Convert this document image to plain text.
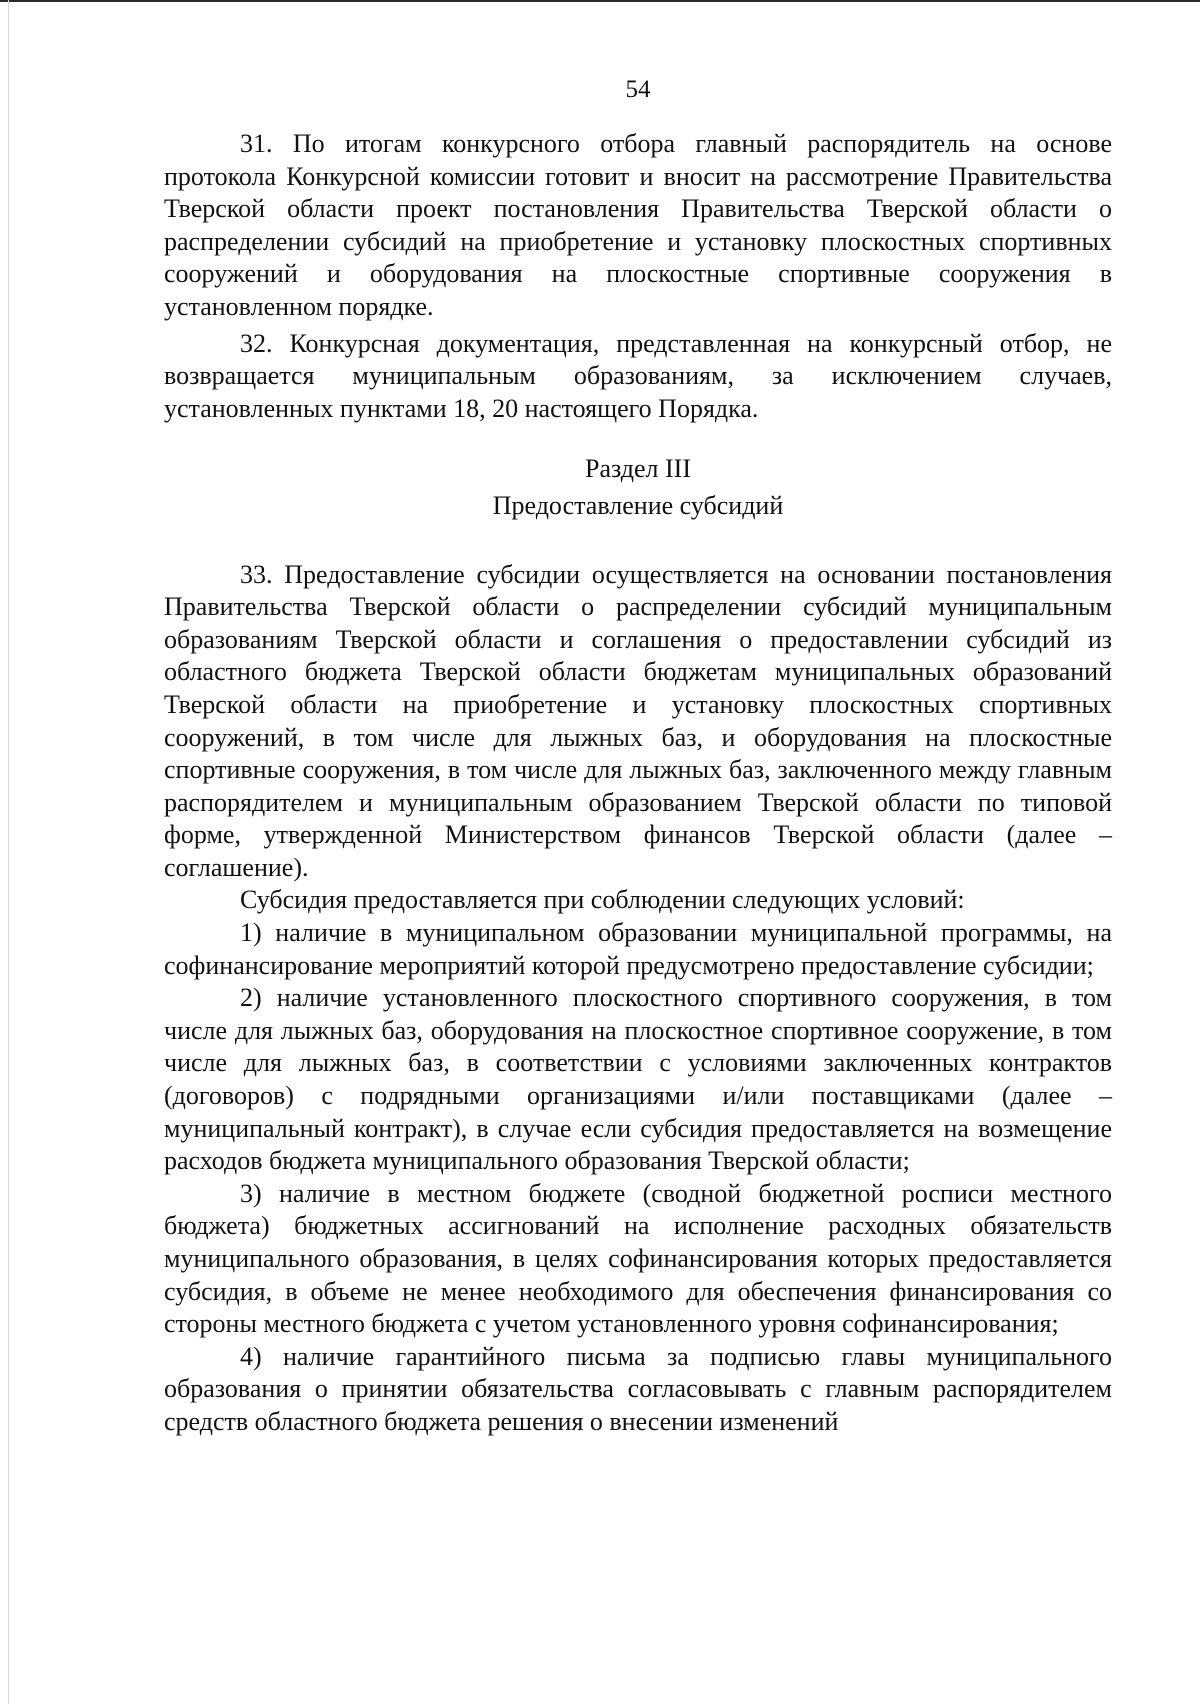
54

31. По итогам конкурсного отбора главный распорядитель на основе протокола Конкурсной комиссии готовит и вносит на рассмотрение Правительства Тверской области проект постановления Правительства Тверской области о распределении субсидий на приобретение и установку плоскостных спортивных сооружений и оборудования на плоскостные спортивные сооружения в установленном порядке.

32. Конкурсная документация, представленная на конкурсный отбор, не возвращается муниципальным образованиям, за исключением случаев, установленных пунктами 18, 20 настоящего Порядка.

Раздел III
Предоставление субсидий

33. Предоставление субсидии осуществляется на основании постановления Правительства Тверской области о распределении субсидий муниципальным образованиям Тверской области и соглашения о предоставлении субсидий из областного бюджета Тверской области бюджетам муниципальных образований Тверской области на приобретение и установку плоскостных спортивных сооружений, в том числе для лыжных баз, и оборудования на плоскостные спортивные сооружения, в том числе для лыжных баз, заключенного между главным распорядителем и муниципальным образованием Тверской области по типовой форме, утвержденной Министерством финансов Тверской области (далее – соглашение).

Субсидия предоставляется при соблюдении следующих условий:

1) наличие в муниципальном образовании муниципальной программы, на софинансирование мероприятий которой предусмотрено предоставление субсидии;

2) наличие установленного плоскостного спортивного сооружения, в том числе для лыжных баз, оборудования на плоскостное спортивное сооружение, в том числе для лыжных баз, в соответствии с условиями заключенных контрактов (договоров) с подрядными организациями и/или поставщиками (далее – муниципальный контракт), в случае если субсидия предоставляется на возмещение расходов бюджета муниципального образования Тверской области;

3) наличие в местном бюджете (сводной бюджетной росписи местного бюджета) бюджетных ассигнований на исполнение расходных обязательств муниципального образования, в целях софинансирования которых предоставляется субсидия, в объеме не менее необходимого для обеспечения финансирования со стороны местного бюджета с учетом установленного уровня софинансирования;

4) наличие гарантийного письма за подписью главы муниципального образования о принятии обязательства согласовывать с главным распорядителем средств областного бюджета решения о внесении изменений
